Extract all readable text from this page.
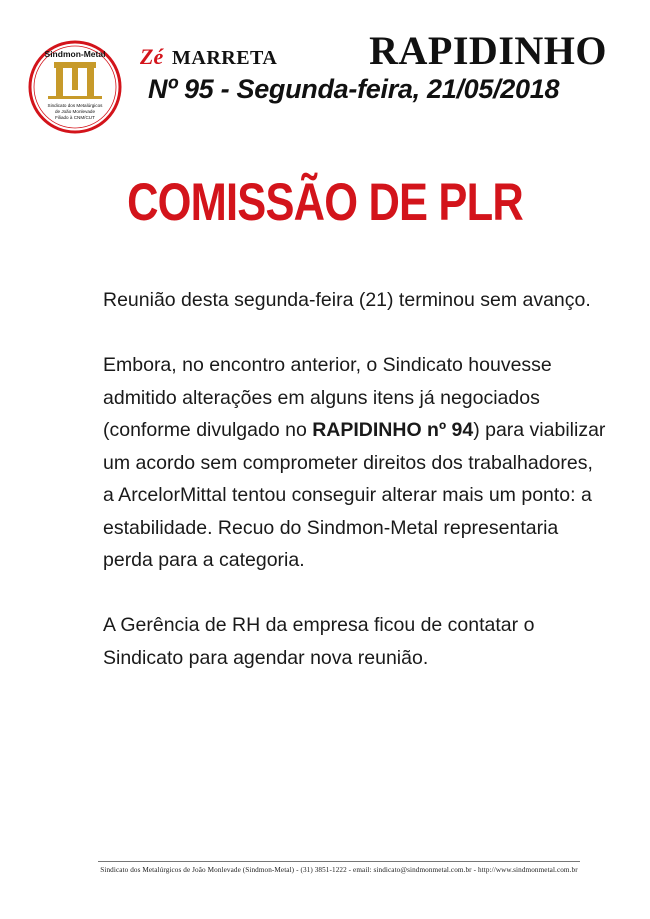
Sindmon-Metal
Sindicato dos Metalúrgicos
de João Monlevade
Filiado à CNM/CUT
Zé MARRETA RAPIDINHO
Nº 95 - Segunda-feira, 21/05/2018
COMISSÃO DE PLR

Reunião desta segunda-feira (21) terminou sem avanço.

Embora, no encontro anterior, o Sindicato houvesse admitido alterações em alguns itens já negociados (conforme divulgado no RAPIDINHO nº 94) para viabilizar um acordo sem comprometer direitos dos trabalhadores, a ArcelorMittal tentou conseguir alterar mais um ponto: a estabilidade. Recuo do Sindmon-Metal representaria perda para a categoria.

A Gerência de RH da empresa ficou de contatar o Sindicato para agendar nova reunião.

Sindicato dos Metalúrgicos de João Monlevade (Sindmon-Metal) - (31) 3851-1222 - email: sindicato@sindmonmetal.com.br - http://www.sindmonmetal.com.br
